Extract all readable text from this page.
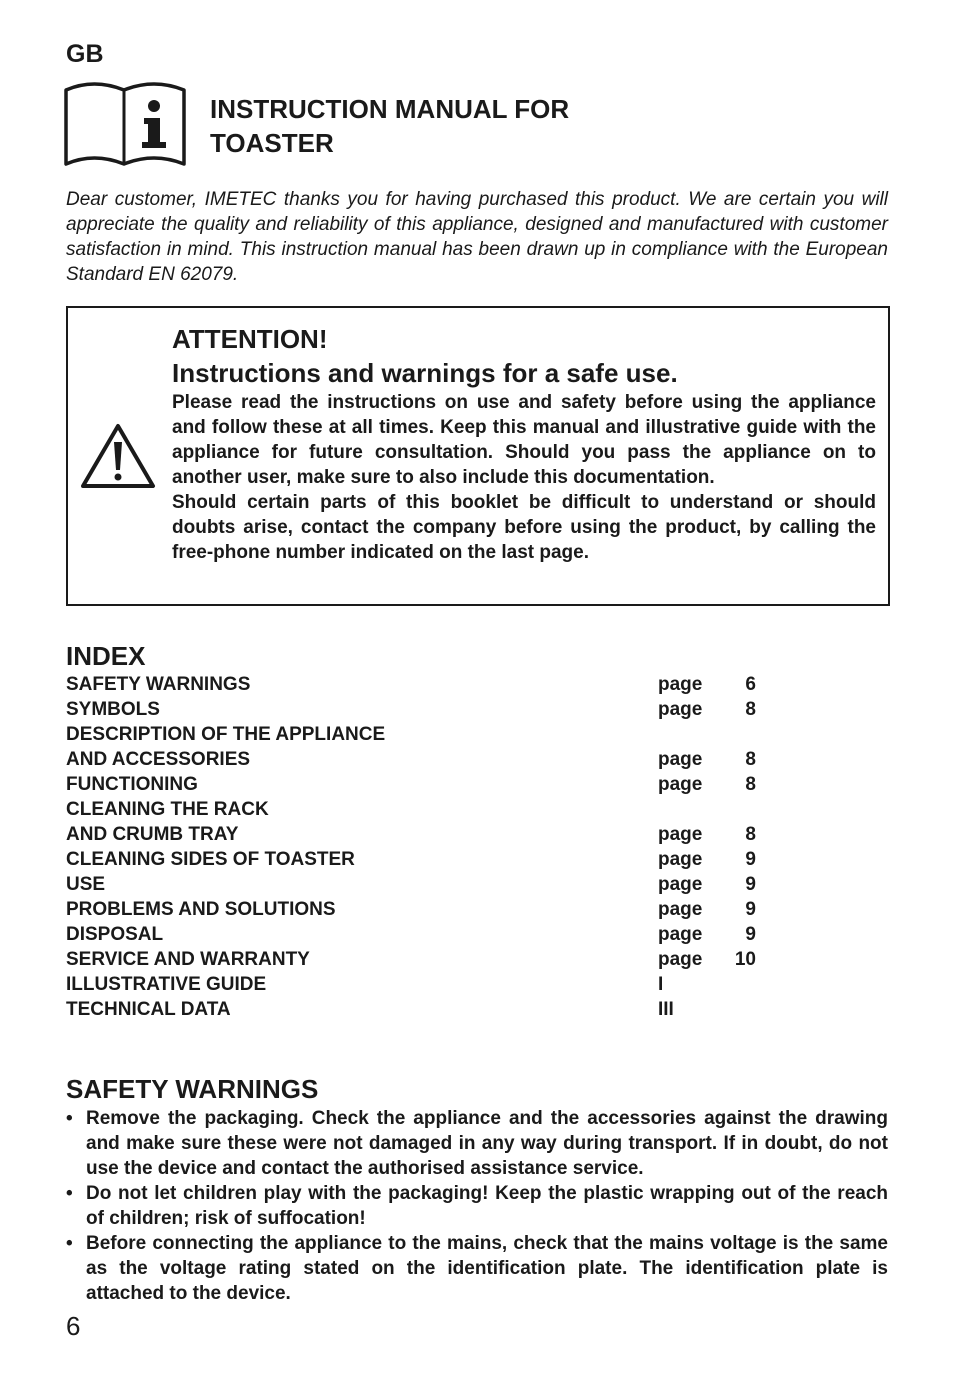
GB

INSTRUCTION MANUAL FOR
TOASTER

Dear customer, IMETEC thanks you for having purchased this product. We are certain you will appreciate the quality and reliability of this appliance, designed and manufactured with customer satisfaction in mind. This instruction manual has been drawn up in compliance with the European Standard EN 62079.

ATTENTION!

Instructions and warnings for a safe use.

Please read the instructions on use and safety before using the appliance and follow these at all times. Keep this manual and illustrative guide with the appliance for future consultation. Should you pass the appliance on to another user, make sure to also include this documentation.

Should certain parts of this booklet be difficult to understand or should doubts arise, contact the company before using the product, by calling the free-phone number indicated on the last page.

INDEX
SAFETY WARNINGS	page	6
SYMBOLS	page	8
DESCRIPTION OF THE APPLIANCE
AND ACCESSORIES	page	8
FUNCTIONING	page	8
CLEANING THE RACK
AND CRUMB TRAY	page	8
CLEANING SIDES OF TOASTER	page	9
USE	page	9
PROBLEMS AND SOLUTIONS	page	9
DISPOSAL	page	9
SERVICE AND WARRANTY	page	10
ILLUSTRATIVE GUIDE	I
TECHNICAL DATA	III
SAFETY WARNINGS
• Remove the packaging. Check the appliance and the accessories against the drawing and make sure these were not damaged in any way during transport. If in doubt, do not use the device and contact the authorised assistance service.
• Do not let children play with the packaging! Keep the plastic wrapping out of the reach of children; risk of suffocation!
• Before connecting the appliance to the mains, check that the mains voltage is the same as the voltage rating stated on the identification plate. The identification plate is attached to the device.

6
